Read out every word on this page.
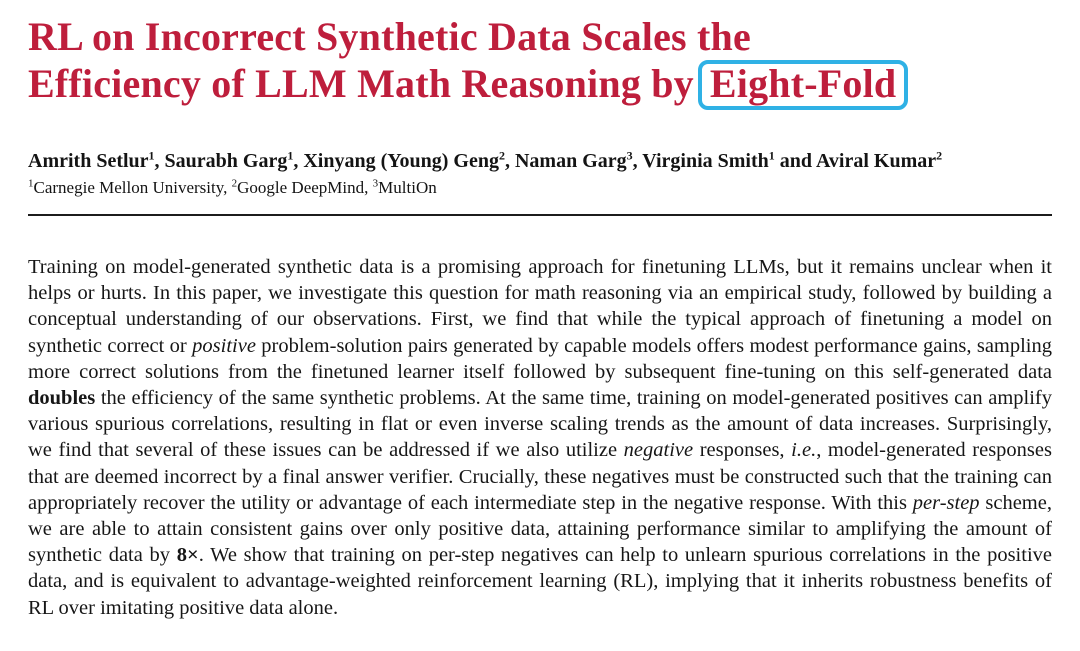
RL on Incorrect Synthetic Data Scales the
Efficiency of LLM Math Reasoning by Eight-Fold
Amrith Setlur$^1$, Saurabh Garg$^1$, Xinyang (Young) Geng$^2$, Naman Garg$^3$, Virginia Smith$^1$ and Aviral Kumar$^2$
$^1$Carnegie Mellon University, $^2$Google DeepMind, $^3$MultiOn

Training on model-generated synthetic data is a promising approach for finetuning LLMs, but it remains unclear when it helps or hurts. In this paper, we investigate this question for math reasoning via an empirical study, followed by building a conceptual understanding of our observations. First, we find that while the typical approach of finetuning a model on synthetic correct or positive problem-solution pairs generated by capable models offers modest performance gains, sampling more correct solutions from the finetuned learner itself followed by subsequent fine-tuning on this self-generated data doubles the efficiency of the same synthetic problems. At the same time, training on model-generated positives can amplify various spurious correlations, resulting in flat or even inverse scaling trends as the amount of data increases. Surprisingly, we find that several of these issues can be addressed if we also utilize negative responses, i.e., model-generated responses that are deemed incorrect by a final answer verifier. Crucially, these negatives must be constructed such that the training can appropriately recover the utility or advantage of each intermediate step in the negative response. With this per-step scheme, we are able to attain consistent gains over only positive data, attaining performance similar to amplifying the amount of synthetic data by 8×. We show that training on per-step negatives can help to unlearn spurious correlations in the positive data, and is equivalent to advantage-weighted reinforcement learning (RL), implying that it inherits robustness benefits of RL over imitating positive data alone.
